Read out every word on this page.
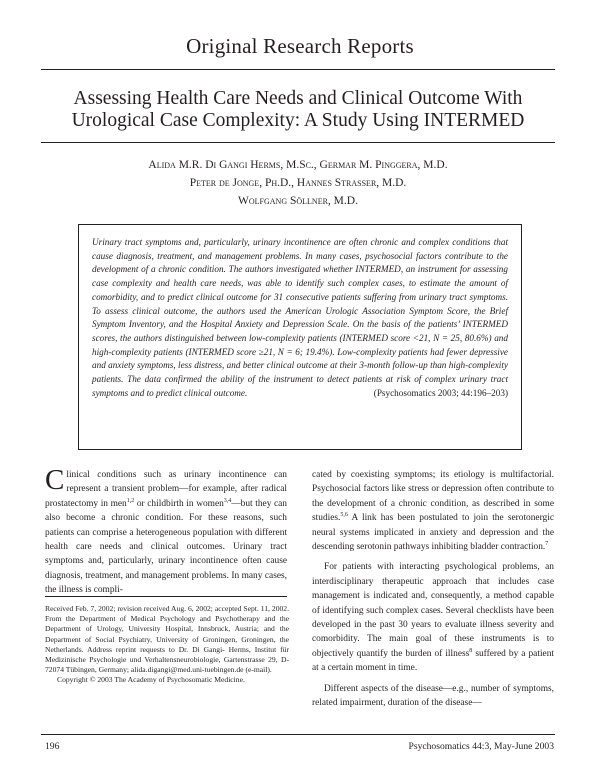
Original Research Reports
Assessing Health Care Needs and Clinical Outcome With
Urological Case Complexity: A Study Using INTERMED
Alida M.R. Di Gangi Herms, M.Sc., Germar M. Pinggera, M.D.
Peter de Jonge, Ph.D., Hannes Strasser, M.D.
Wolfgang Söllner, M.D.
Urinary tract symptoms and, particularly, urinary incontinence are often chronic and complex conditions that cause diagnosis, treatment, and management problems. In many cases, psychosocial factors contribute to the development of a chronic condition. The authors investigated whether INTERMED, an instrument for assessing case complexity and health care needs, was able to identify such complex cases, to estimate the amount of comorbidity, and to predict clinical outcome for 31 consecutive patients suffering from urinary tract symptoms. To assess clinical outcome, the authors used the American Urologic Association Symptom Score, the Brief Symptom Inventory, and the Hospital Anxiety and Depression Scale. On the basis of the patients’ INTERMED scores, the authors distinguished between low-complexity patients (INTERMED score <21, N = 25, 80.6%) and high-complexity patients (INTERMED score ≥21, N = 6; 19.4%). Low-complexity patients had fewer depressive and anxiety symptoms, less distress, and better clinical outcome at their 3-month follow-up than high-complexity patients. The data confirmed the ability of the instrument to detect patients at risk of complex urinary tract symptoms and to predict clinical outcome.	(Psychosomatics 2003; 44:196–203)
Clinical conditions such as urinary incontinence can represent a transient problem—for example, after radical prostatectomy in men$^{1,2}$ or childbirth in women$^{3,4}$—but they can also become a chronic condition. For these reasons, such patients can comprise a heterogeneous population with different health care needs and clinical outcomes. Urinary tract symptoms and, particularly, urinary incontinence often cause diagnosis, treatment, and management problems. In many cases, the illness is compli-

cated by coexisting symptoms; its etiology is multifactorial. Psychosocial factors like stress or depression often contribute to the development of a chronic condition, as described in some studies.$^{5,6}$ A link has been postulated to join the serotonergic neural systems implicated in anxiety and depression and the descending serotonin pathways inhibiting bladder contraction.$^7$

For patients with interacting psychological problems, an interdisciplinary therapeutic approach that includes case management is indicated and, consequently, a method capable of identifying such complex cases. Several checklists have been developed in the past 30 years to evaluate illness severity and comorbidity. The main goal of these instruments is to objectively quantify the burden of illness$^8$ suffered by a patient at a certain moment in time.

Different aspects of the disease—e.g., number of symptoms, related impairment, duration of the disease—

Received Feb. 7, 2002; revision received Aug. 6, 2002; accepted Sept. 11, 2002. From the Department of Medical Psychology and Psychotherapy and the Department of Urology, University Hospital, Innsbruck, Austria; and the Department of Social Psychiatry, University of Groningen, Groningen, the Netherlands. Address reprint requests to Dr. Di Gangi- Herms, Institut für Medizinische Psychologie und Verhaltensneurobiologie, Gartenstrasse 29, D-72074 Tübingen, Germany; alida.digangi@med.uni-tuebingen.de (e-mail).
Copyright © 2003 The Academy of Psychosomatic Medicine.
196	Psychosomatics 44:3, May-June 2003
